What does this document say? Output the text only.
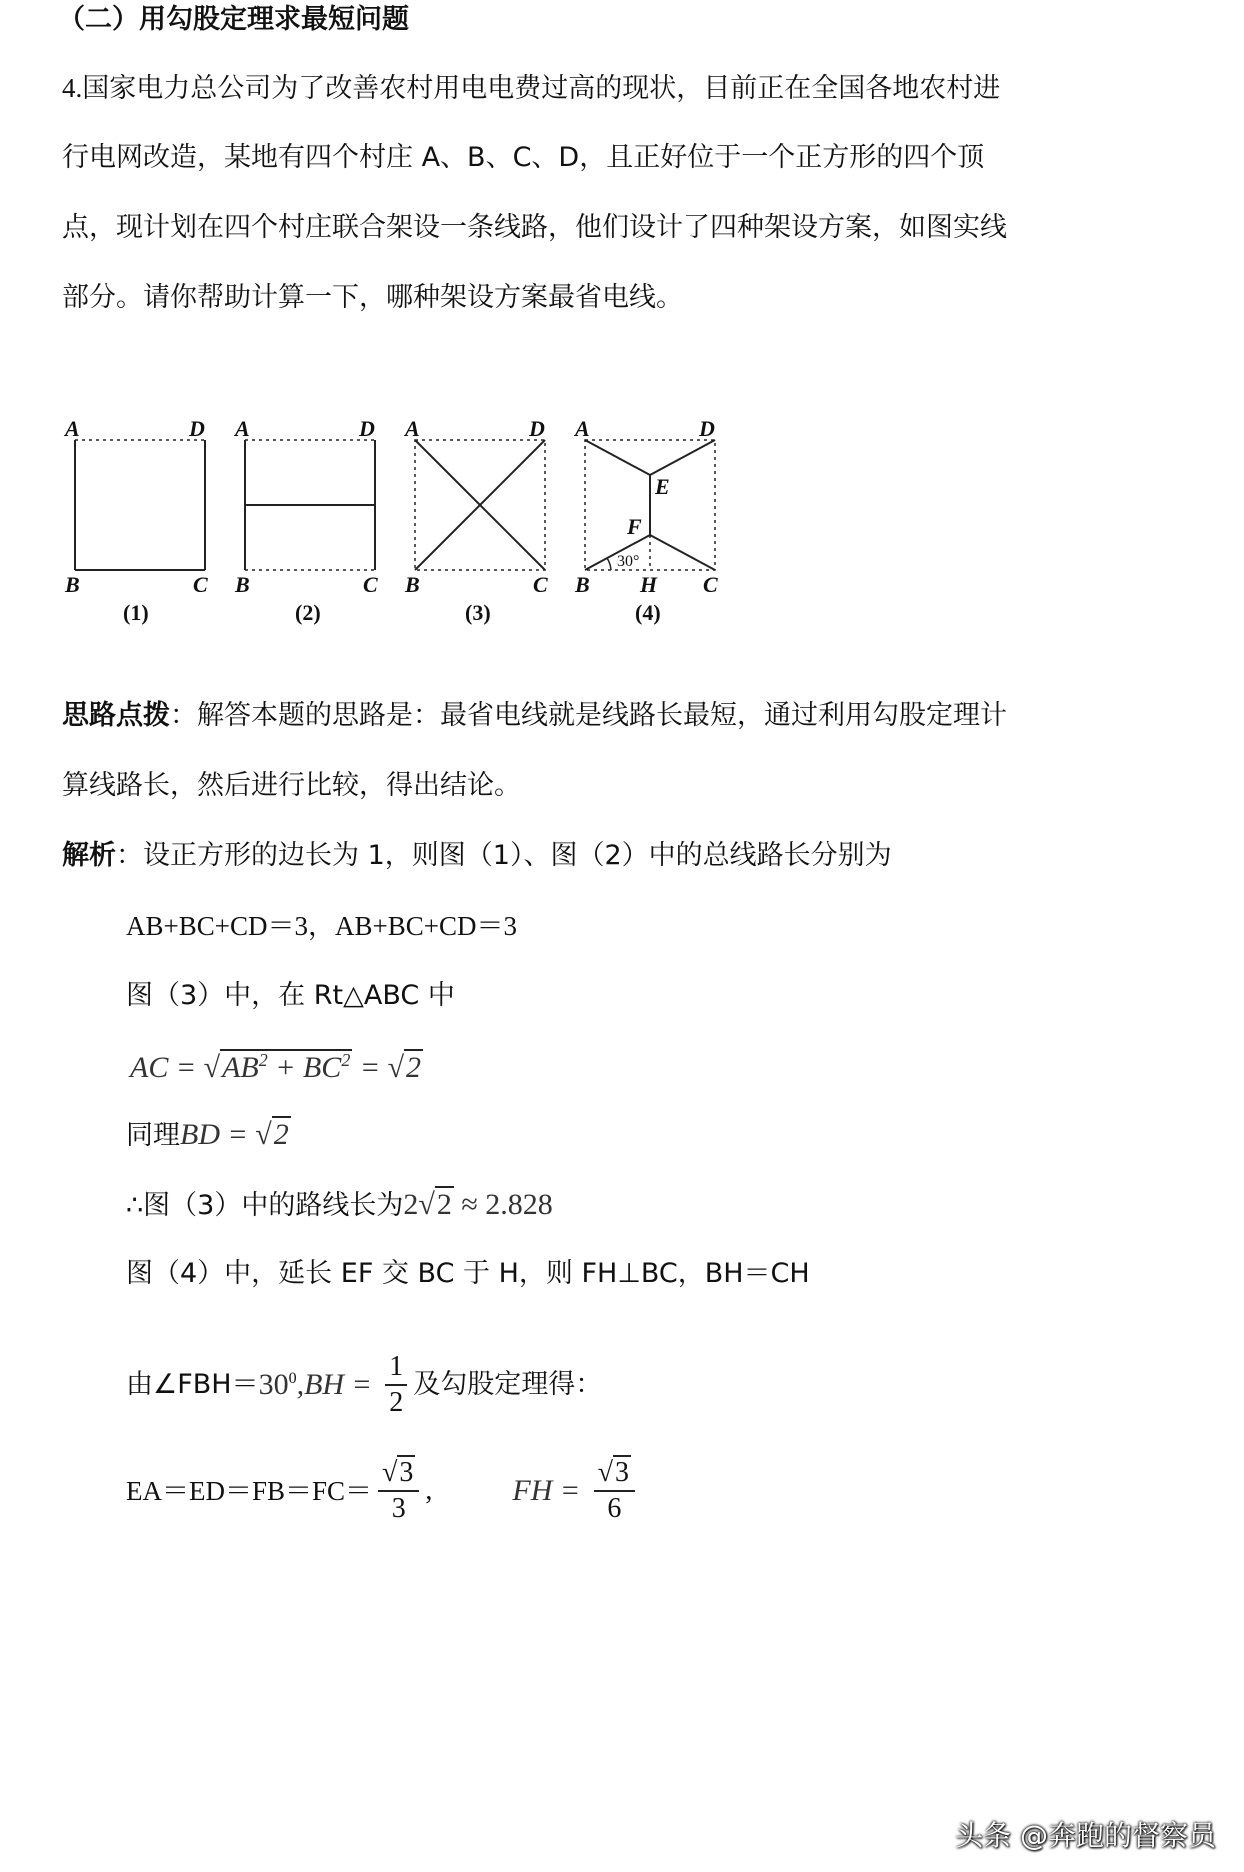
（二）用勾股定理求最短问题
4.国家电力总公司为了改善农村用电电费过高的现状，目前正在全国各地农村进
行电网改造，某地有四个村庄 A、B、C、D，且正好位于一个正方形的四个顶
点，现计划在四个村庄联合架设一条线路，他们设计了四种架设方案，如图实线
部分。请你帮助计算一下，哪种架设方案最省电线。
A	D
B	C
A	D
B	C
A	D
B	C
A	D
B	C
E
F
H
30°
(1)	(2)	(3)	(4)
思路点拨：解答本题的思路是：最省电线就是线路长最短，通过利用勾股定理计
算线路长，然后进行比较，得出结论。
解析：设正方形的边长为 1，则图（1）、图（2）中的总线路长分别为
AB+BC+CD＝3，AB+BC+CD＝3
图（3）中，在 Rt△ABC 中
AC = $√AB^2 + BC^2 = √2$
同理BD = √2
∴图（3）中的路线长为2√2 ≈ 2.828
图（4）中，延长 EF 交 BC 于 H，则 FH⊥BC，BH＝CH
由$\angle FBH=30^0,BH = \frac{1}{2}$ 及勾股定理得：
$EA=ED=FB=FC= \frac{√3}{3}$ ,	FH = $\frac{√3}{6}$
头条 @奔跑的督察员
